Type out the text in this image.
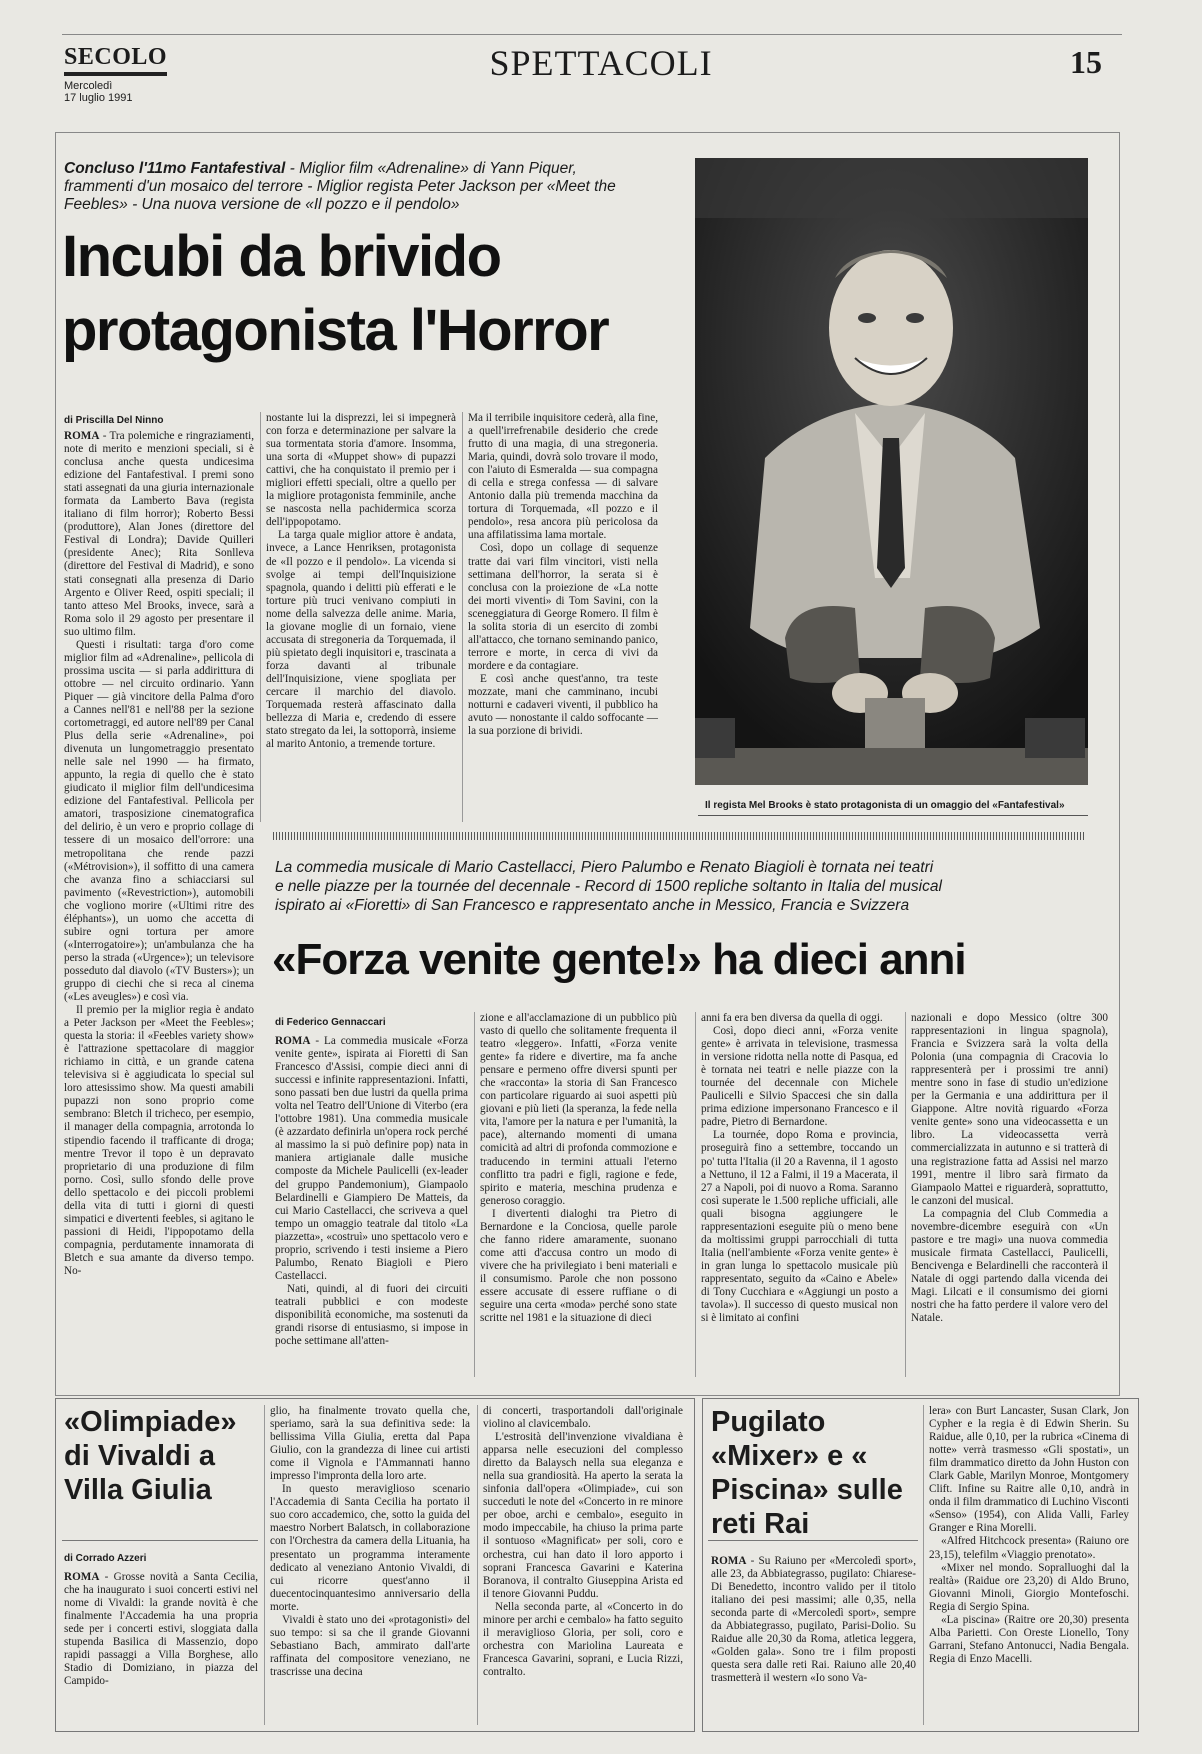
SECOLO
Mercoledì
17 luglio 1991
SPETTACOLI	15
Concluso l'11mo Fantafestival - Miglior film «Adrenaline» di Yann Piquer, frammenti d'un mosaico del terrore - Miglior regista Peter Jackson per «Meet the Feebles» - Una nuova versione de «Il pozzo e il pendolo»
Incubi da brivido
protagonista l'Horror
di Priscilla Del Ninno

ROMA - Tra polemiche e ringraziamenti, note di merito e menzioni speciali, si è conclusa anche questa undicesima edizione del Fantafestival. I premi sono stati assegnati da una giuria internazionale formata da Lamberto Bava (regista italiano di film horror); Roberto Bessi (produttore), Alan Jones (direttore del Festival di Londra); Davide Quilleri (presidente Anec); Rita Sonlleva (direttore del Festival di Madrid), e sono stati consegnati alla presenza di Dario Argento e Oliver Reed, ospiti speciali; il tanto atteso Mel Brooks, invece, sarà a Roma solo il 29 agosto per presentare il suo ultimo film.

Questi i risultati: targa d'oro come miglior film ad «Adrenaline», pellicola di prossima uscita — si parla addirittura di ottobre — nel circuito ordinario. Yann Piquer — già vincitore della Palma d'oro a Cannes nell'81 e nell'88 per la sezione cortometraggi, ed autore nell'89 per Canal Plus della serie «Adrenaline», poi divenuta un lungometraggio presentato nelle sale nel 1990 — ha firmato, appunto, la regia di quello che è stato giudicato il miglior film dell'undicesima edizione del Fantafestival. Pellicola per amatori, trasposizione cinematografica del delirio, è un vero e proprio collage di tessere di un mosaico dell'orrore: una metropolitana che rende pazzi («Métrovision»), il soffitto di una camera che avanza fino a schiacciarsi sul pavimento («Revestriction»), automobili che vogliono morire («Ultimi ritre des éléphants»), un uomo che accetta di subire ogni tortura per amore («Interrogatoire»); un'ambulanza che ha perso la strada («Urgence»); un televisore posseduto dal diavolo («TV Busters»); un gruppo di ciechi che si reca al cinema («Les aveugles») e così via.

Il premio per la miglior regia è andato a Peter Jackson per «Meet the Feebles»; questa la storia: il «Feebles variety show» è l'attrazione spettacolare di maggior richiamo in città, e un grande catena televisiva si è aggiudicata lo special sul loro attesissimo show. Ma questi amabili pupazzi non sono proprio come sembrano: Bletch il tricheco, per esempio, il manager della compagnia, arrotonda lo stipendio facendo il trafficante di droga; mentre Trevor il topo è un depravato proprietario di una produzione di film porno. Così, sullo sfondo delle prove dello spettacolo e dei piccoli problemi della vita di tutti i giorni di questi simpatici e divertenti feebles, si agitano le passioni di Heidi, l'ippopotamo della compagnia, perdutamente innamorata di Bletch e sua amante da diverso tempo. No-

nostante lui la disprezzi, lei si impegnerà con forza e determinazione per salvare la sua tormentata storia d'amore. Insomma, una sorta di «Muppet show» di pupazzi cattivi, che ha conquistato il premio per i migliori effetti speciali, oltre a quello per la migliore protagonista femminile, anche se nascosta nella pachidermica scorza dell'ippopotamo.

La targa quale miglior attore è andata, invece, a Lance Henriksen, protagonista de «Il pozzo e il pendolo». La vicenda si svolge ai tempi dell'Inquisizione spagnola, quando i delitti più efferati e le torture più truci venivano compiuti in nome della salvezza delle anime. Maria, la giovane moglie di un fornaio, viene accusata di stregoneria da Torquemada, il più spietato degli inquisitori e, trascinata a forza davanti al tribunale dell'Inquisizione, viene spogliata per cercare il marchio del diavolo. Torquemada resterà affascinato dalla bellezza di Maria e, credendo di essere stato stregato da lei, la sottoporrà, insieme al marito Antonio, a tremende torture.

Ma il terribile inquisitore cederà, alla fine, a quell'irrefrenabile desiderio che crede frutto di una magia, di una stregoneria. Maria, quindi, dovrà solo trovare il modo, con l'aiuto di Esmeralda — sua compagna di cella e strega confessa — di salvare Antonio dalla più tremenda macchina da tortura di Torquemada, «Il pozzo e il pendolo», resa ancora più pericolosa da una affilatissima lama mortale.

Così, dopo un collage di sequenze tratte dai vari film vincitori, visti nella settimana dell'horror, la serata si è conclusa con la proiezione de «La notte dei morti viventi» di Tom Savini, con la sceneggiatura di George Romero. Il film è la solita storia di un esercito di zombi all'attacco, che tornano seminando panico, terrore e morte, in cerca di vivi da mordere e da contagiare.

E così anche quest'anno, tra teste mozzate, mani che camminano, incubi notturni e cadaveri viventi, il pubblico ha avuto — nonostante il caldo soffocante — la sua porzione di brividi.

Il regista Mel Brooks è stato protagonista di un omaggio del «Fantafestival»
La commedia musicale di Mario Castellacci, Piero Palumbo e Renato Biagioli è tornata nei teatri e nelle piazze per la tournée del decennale - Record di 1500 repliche soltanto in Italia del musical ispirato ai «Fioretti» di San Francesco e rappresentato anche in Messico, Francia e Svizzera
«Forza venite gente!» ha dieci anni
di Federico Gennaccari

ROMA - La commedia musicale «Forza venite gente», ispirata ai Fioretti di San Francesco d'Assisi, compie dieci anni di successi e infinite rappresentazioni. Infatti, sono passati ben due lustri da quella prima volta nel Teatro dell'Unione di Viterbo (era l'ottobre 1981). Una commedia musicale (è azzardato definirla un'opera rock perché al massimo la si può definire pop) nata in maniera artigianale dalle musiche composte da Michele Paulicelli (ex-leader del gruppo Pandemonium), Giampaolo Belardinelli e Giampiero De Matteis, da cui Mario Castellacci, che scriveva a quel tempo un omaggio teatrale dal titolo «La piazzetta», «costruì» uno spettacolo vero e proprio, scrivendo i testi insieme a Piero Palumbo, Renato Biagioli e Piero Castellacci.

Nati, quindi, al di fuori dei circuiti teatrali pubblici e con modeste disponibilità economiche, ma sostenuti da grandi risorse di entusiasmo, si impose in poche settimane all'atten-

zione e all'acclamazione di un pubblico più vasto di quello che solitamente frequenta il teatro «leggero». Infatti, «Forza venite gente» fa ridere e divertire, ma fa anche pensare e permeno offre diversi spunti per che «racconta» la storia di San Francesco con particolare riguardo ai suoi aspetti più giovani e più lieti (la speranza, la fede nella vita, l'amore per la natura e per l'umanità, la pace), alternando momenti di umana comicità ad altri di profonda commozione e traducendo in termini attuali l'eterno conflitto tra padri e figli, ragione e fede, spirito e materia, meschina prudenza e generoso coraggio.

I divertenti dialoghi tra Pietro di Bernardone e la Conciosa, quelle parole che fanno ridere amaramente, suonano come atti d'accusa contro un modo di vivere che ha privilegiato i beni materiali e il consumismo. Parole che non possono essere accusate di essere ruffiane o di seguire una certa «moda» perché sono state scritte nel 1981 e la situazione di dieci

anni fa era ben diversa da quella di oggi.

Così, dopo dieci anni, «Forza venite gente» è arrivata in televisione, trasmessa in versione ridotta nella notte di Pasqua, ed è tornata nei teatri e nelle piazze con la tournée del decennale con Michele Paulicelli e Silvio Spaccesi che sin dalla prima edizione impersonano Francesco e il padre, Pietro di Bernardone.

La tournée, dopo Roma e provincia, proseguirà fino a settembre, toccando un po' tutta l'Italia (il 20 a Ravenna, il 1 agosto a Nettuno, il 12 a Falmi, il 19 a Macerata, il 27 a Napoli, poi di nuovo a Roma. Saranno così superate le 1.500 repliche ufficiali, alle quali bisogna aggiungere le rappresentazioni eseguite più o meno bene da moltissimi gruppi parrocchiali di tutta Italia (nell'ambiente «Forza venite gente» è in gran lunga lo spettacolo musicale più rappresentato, seguito da «Caino e Abele» di Tony Cucchiara e «Aggiungi un posto a tavola»). Il successo di questo musical non si è limitato ai confini

nazionali e dopo Messico (oltre 300 rappresentazioni in lingua spagnola), Francia e Svizzera sarà la volta della Polonia (una compagnia di Cracovia lo rappresenterà per i prossimi tre anni) mentre sono in fase di studio un'edizione per la Germania e una addirittura per il Giappone. Altre novità riguardo «Forza venite gente» sono una videocassetta e un libro. La videocassetta verrà commercializzata in autunno e si tratterà di una registrazione fatta ad Assisi nel marzo 1991, mentre il libro sarà firmato da Giampaolo Mattei e riguarderà, soprattutto, le canzoni del musical.

La compagnia del Club Commedia a novembre-dicembre eseguirà con «Un pastore e tre magi» una nuova commedia musicale firmata Castellacci, Paulicelli, Bencivenga e Belardinelli che racconterà il Natale di oggi partendo dalla vicenda dei Magi. Lilcati e il consumismo dei giorni nostri che ha fatto perdere il valore vero del Natale.

«Olimpiade» di Vivaldi a Villa Giulia
di Corrado Azzeri

ROMA - Grosse novità a Santa Cecilia, che ha inaugurato i suoi concerti estivi nel nome di Vivaldi: la grande novità è che finalmente l'Accademia ha una propria sede per i concerti estivi, sloggiata dalla stupenda Basilica di Massenzio, dopo rapidi passaggi a Villa Borghese, allo Stadio di Domiziano, in piazza del Campido-

glio, ha finalmente trovato quella che, speriamo, sarà la sua definitiva sede: la bellissima Villa Giulia, eretta dal Papa Giulio, con la grandezza di linee cui artisti come il Vignola e l'Ammannati hanno impresso l'impronta della loro arte.

In questo meraviglioso scenario l'Accademia di Santa Cecilia ha portato il suo coro accademico, che, sotto la guida del maestro Norbert Balatsch, in collaborazione con l'Orchestra da camera della Lituania, ha presentato un programma interamente dedicato al veneziano Antonio Vivaldi, di cui ricorre quest'anno il duecentocinquantesimo anniversario della morte.

Vivaldi è stato uno dei «protagonisti» del suo tempo: si sa che il grande Giovanni Sebastiano Bach, ammirato dall'arte raffinata del compositore veneziano, ne trascrisse una decina

di concerti, trasportandoli dall'originale violino al clavicembalo.

L'estrosità dell'invenzione vivaldiana è apparsa nelle esecuzioni del complesso diretto da Balaysch nella sua eleganza e nella sua grandiosità. Ha aperto la serata la sinfonia dall'opera «Olimpiade», cui son succeduti le note del «Concerto in re minore per oboe, archi e cembalo», eseguito in modo impeccabile, ha chiuso la prima parte il sontuoso «Magnificat» per soli, coro e orchestra, cui han dato il loro apporto i soprani Francesca Gavarini e Katerina Boranova, il contralto Giuseppina Arista ed il tenore Giovanni Puddu.

Nella seconda parte, al «Concerto in do minore per archi e cembalo» ha fatto seguito il meraviglioso Gloria, per soli, coro e orchestra con Mariolina Laureata e Francesca Gavarini, soprani, e Lucia Rizzi, contralto.

Pugilato «Mixer» e « Piscina» sulle reti Rai

ROMA - Su Raiuno per «Mercoledì sport», alle 23, da Abbiategrasso, pugilato: Chiarese-Di Benedetto, incontro valido per il titolo italiano dei pesi massimi; alle 0,35, nella seconda parte di «Mercoledì sport», sempre da Abbiategrasso, pugilato, Parisi-Dolio. Su Raidue alle 20,30 da Roma, atletica leggera, «Golden gala». Sono tre i film proposti questa sera dalle reti Rai. Raiuno alle 20,40 trasmetterà il western «Io sono Va-

lera» con Burt Lancaster, Susan Clark, Jon Cypher e la regia è di Edwin Sherin. Su Raidue, alle 0,10, per la rubrica «Cinema di notte» verrà trasmesso «Gli spostati», un film drammatico diretto da John Huston con Clark Gable, Marilyn Monroe, Montgomery Clift. Infine su Raitre alle 0,10, andrà in onda il film drammatico di Luchino Visconti «Senso» (1954), con Alida Valli, Farley Granger e Rina Morelli.

«Alfred Hitchcock presenta» (Raiuno ore 23,15), telefilm «Viaggio prenotato».

«Mixer nel mondo. Sopralluoghi dal la realtà» (Raidue ore 23,20) di Aldo Bruno, Giovanni Minoli, Giorgio Montefoschi. Regia di Sergio Spina.

«La piscina» (Raitre ore 20,30) presenta Alba Parietti. Con Oreste Lionello, Tony Garrani, Stefano Antonucci, Nadia Bengala. Regia di Enzo Macelli.
